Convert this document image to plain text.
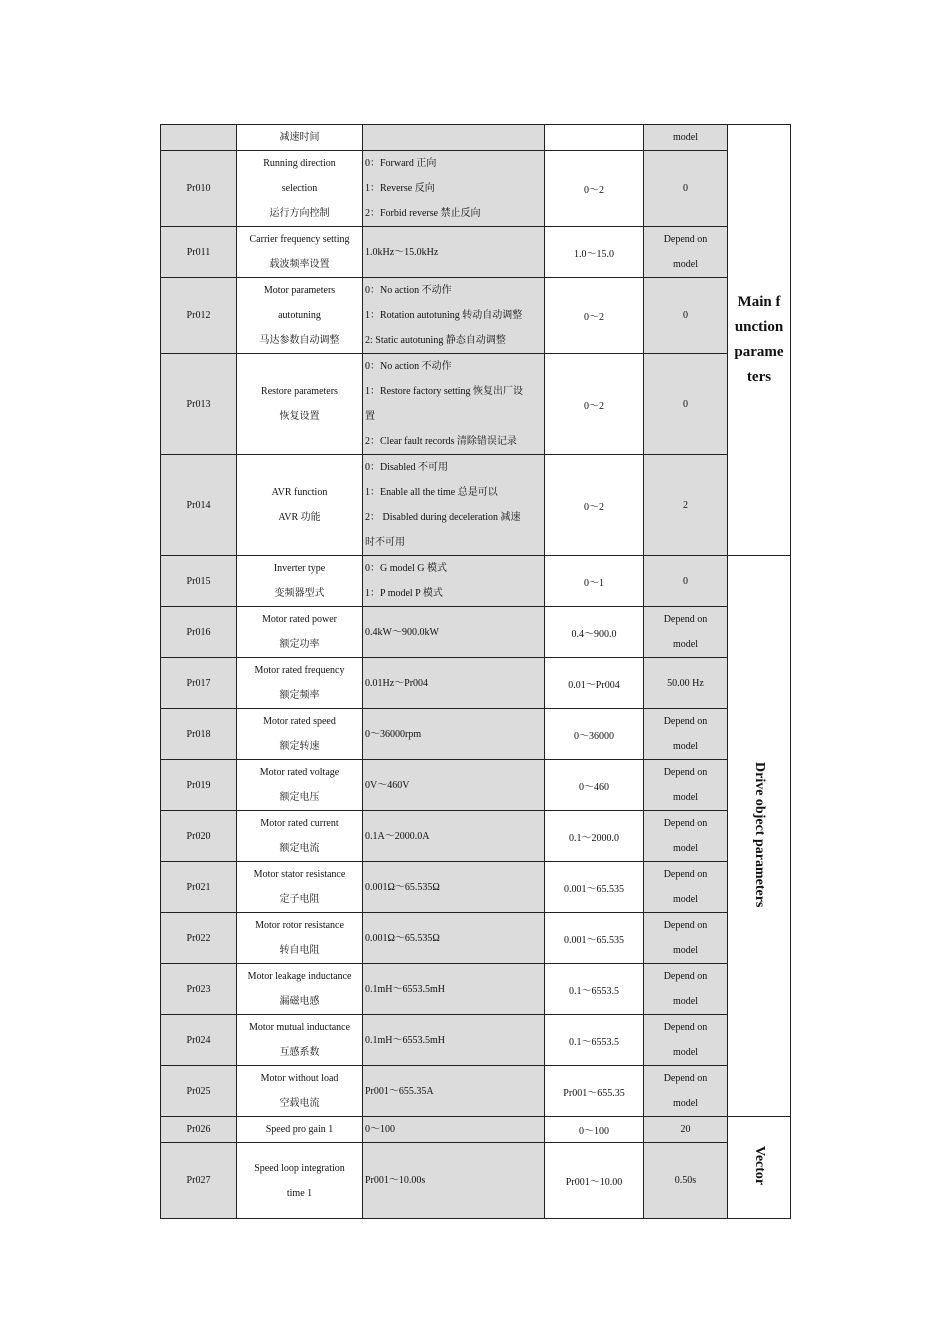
	减速时间			model	Main function parameters
Pr010	Running direction
selection
运行方向控制	0：Forward 正向
1：Reverse 反向
2：Forbid reverse 禁止反向	0～2	0	

Pr011	Carrier frequency setting
载波频率设置	1.0kHz～15.0kHz	1.0～15.0	Depend on
model	

Pr012	Motor parameters
autotuning
马达参数自动调整	0：No action 不动作
1：Rotation autotuning 转动自动调整
2: Static autotuning 静态自动调整	0～2	0	

Pr013	Restore parameters
恢复设置	0：No action 不动作
1：Restore factory setting 恢复出厂设
置
2：Clear fault records 清除错误记录	0～2	0	

Pr014	AVR function
AVR 功能	0：Disabled 不可用
1：Enable all the time 总是可以
2： Disabled during deceleration 减速
时不可用	0～2	2	

Pr015	Inverter type
变频器型式	0：G model G 模式
1：P model P 模式	0～1	0	Drive object parameters
Pr016	Motor rated power
额定功率	0.4kW～900.0kW	0.4～900.0	Depend on
model	

Pr017	Motor rated frequency
额定频率	0.01Hz～Pr004	0.01～Pr004	50.00 Hz	

Pr018	Motor rated speed
额定转速	0～36000rpm	0～36000	Depend on
model	

Pr019	Motor rated voltage
额定电压	0V～460V	0～460	Depend on
model	

Pr020	Motor rated current
额定电流	0.1A～2000.0A	0.1～2000.0	Depend on
model	

Pr021	Motor stator resistance
定子电阻	0.001Ω～65.535Ω	0.001～65.535	Depend on
model	

Pr022	Motor rotor resistance
转自电阻	0.001Ω～65.535Ω	0.001～65.535	Depend on
model	

Pr023	Motor leakage inductance
漏磁电感	0.1mH～6553.5mH	0.1～6553.5	Depend on
model	

Pr024	Motor mutual inductance
互感系数	0.1mH～6553.5mH	0.1～6553.5	Depend on
model	

Pr025	Motor without load
空载电流	Pr001～655.35A	Pr001～655.35	Depend on
model	

Pr026	Speed pro gain 1	0～100	0～100	20	Vector
Pr027	Speed loop integration
time 1	Pr001～10.00s	Pr001～10.00	0.50s	
